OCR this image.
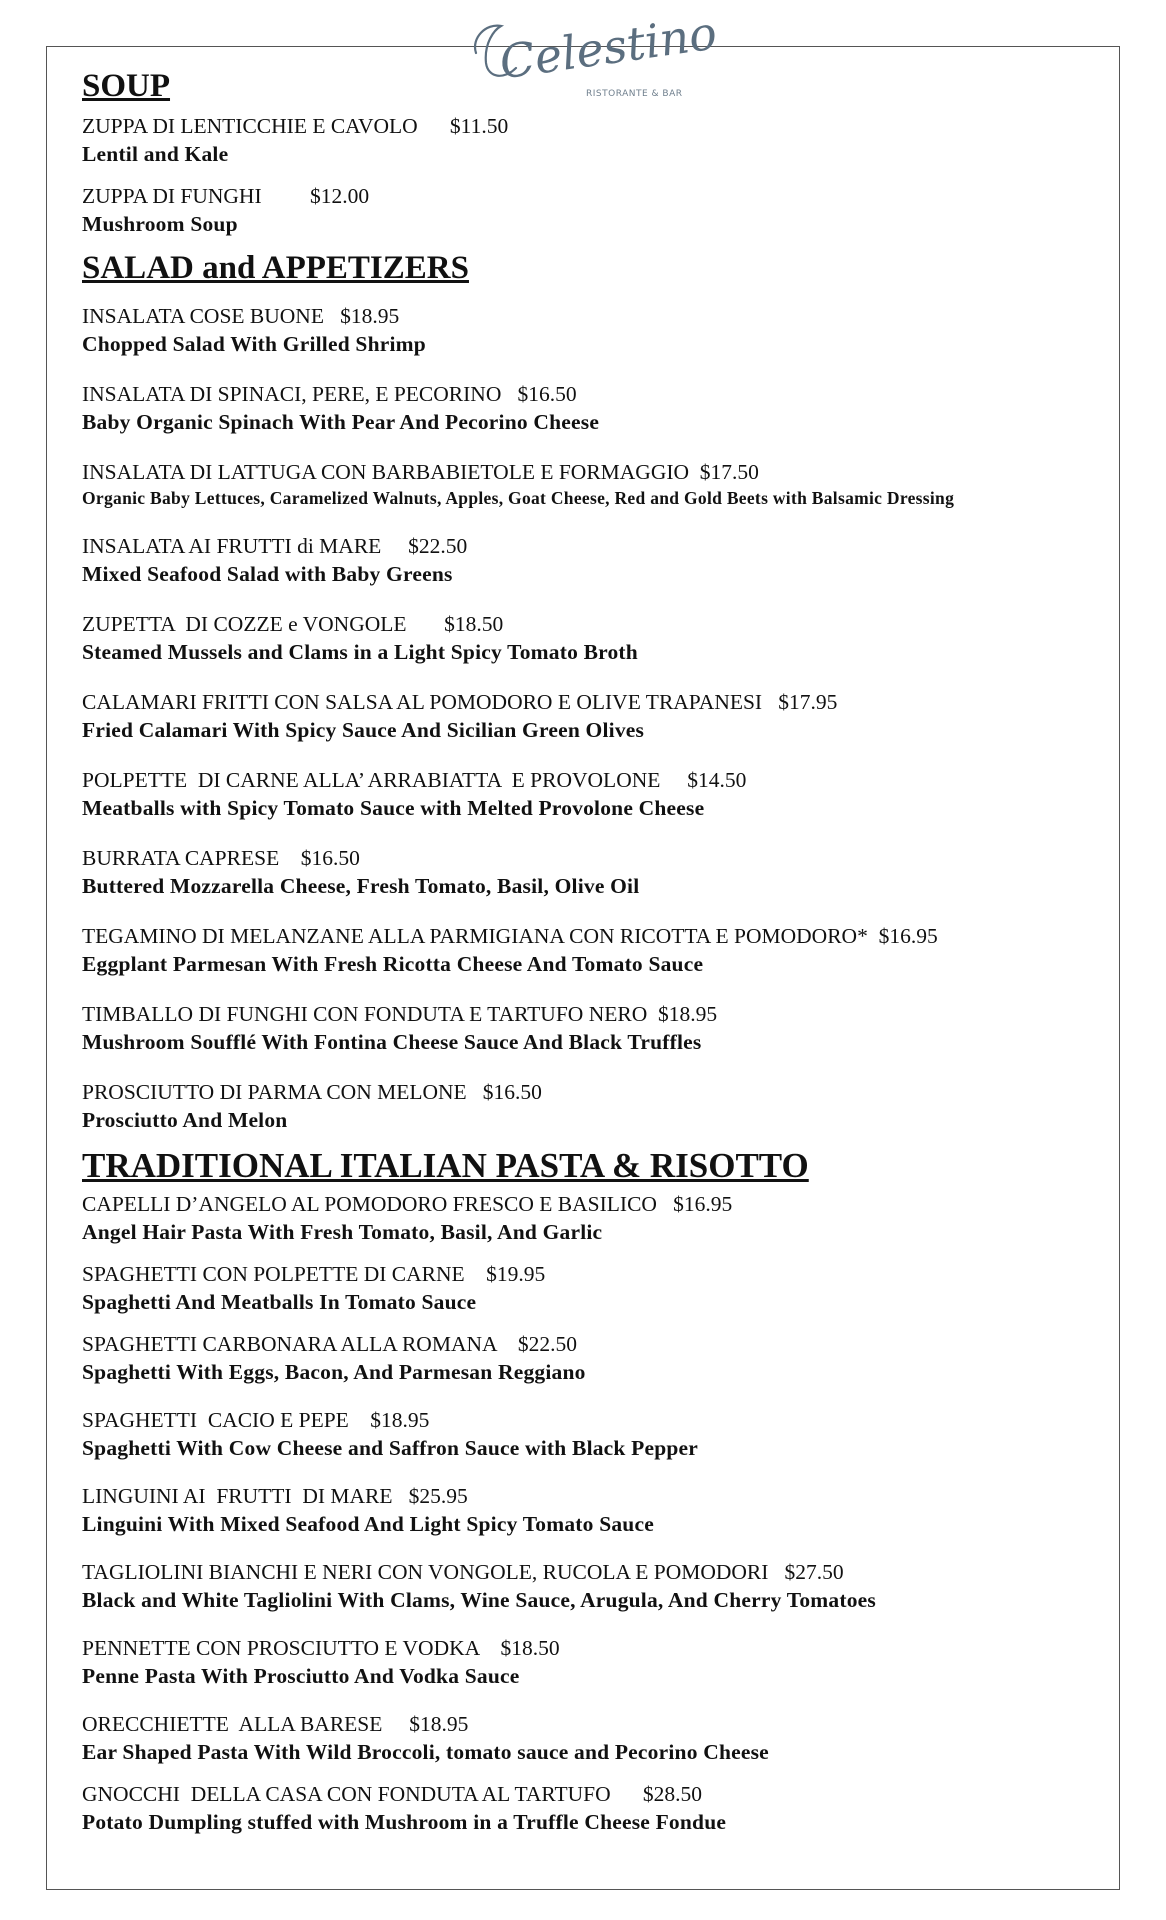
Celestino
RISTORANTE & BAR
SOUP
ZUPPA DI LENTICCHIE E CAVOLO      $11.50
Lentil and Kale
ZUPPA DI FUNGHI         $12.00
Mushroom Soup
SALAD and APPETIZERS
INSALATA COSE BUONE   $18.95
Chopped Salad With Grilled Shrimp
INSALATA DI SPINACI, PERE, E PECORINO   $16.50
Baby Organic Spinach With Pear And Pecorino Cheese
INSALATA DI LATTUGA CON BARBABIETOLE E FORMAGGIO  $17.50
Organic Baby Lettuces, Caramelized Walnuts, Apples, Goat Cheese, Red and Gold Beets with Balsamic Dressing
INSALATA AI FRUTTI di MARE     $22.50
Mixed Seafood Salad with Baby Greens
ZUPETTA  DI COZZE e VONGOLE       $18.50
Steamed Mussels and Clams in a Light Spicy Tomato Broth
CALAMARI FRITTI CON SALSA AL POMODORO E OLIVE TRAPANESI   $17.95
Fried Calamari With Spicy Sauce And Sicilian Green Olives
POLPETTE  DI CARNE ALLA’ ARRABIATTA  E PROVOLONE     $14.50
Meatballs with Spicy Tomato Sauce with Melted Provolone Cheese
BURRATA CAPRESE    $16.50
Buttered Mozzarella Cheese, Fresh Tomato, Basil, Olive Oil
TEGAMINO DI MELANZANE ALLA PARMIGIANA CON RICOTTA E POMODORO*  $16.95
Eggplant Parmesan With Fresh Ricotta Cheese And Tomato Sauce
TIMBALLO DI FUNGHI CON FONDUTA E TARTUFO NERO  $18.95
Mushroom Soufflé With Fontina Cheese Sauce And Black Truffles
PROSCIUTTO DI PARMA CON MELONE   $16.50
Prosciutto And Melon
TRADITIONAL ITALIAN PASTA & RISOTTO
CAPELLI D’ANGELO AL POMODORO FRESCO E BASILICO   $16.95
Angel Hair Pasta With Fresh Tomato, Basil, And Garlic
SPAGHETTI CON POLPETTE DI CARNE    $19.95
Spaghetti And Meatballs In Tomato Sauce
SPAGHETTI CARBONARA ALLA ROMANA    $22.50
Spaghetti With Eggs, Bacon, And Parmesan Reggiano
SPAGHETTI  CACIO E PEPE    $18.95
Spaghetti With Cow Cheese and Saffron Sauce with Black Pepper
LINGUINI AI  FRUTTI  DI MARE   $25.95
Linguini With Mixed Seafood And Light Spicy Tomato Sauce
TAGLIOLINI BIANCHI E NERI CON VONGOLE, RUCOLA E POMODORI   $27.50
Black and White Tagliolini With Clams, Wine Sauce, Arugula, And Cherry Tomatoes
PENNETTE CON PROSCIUTTO E VODKA    $18.50
Penne Pasta With Prosciutto And Vodka Sauce
ORECCHIETTE  ALLA BARESE     $18.95
Ear Shaped Pasta With Wild Broccoli, tomato sauce and Pecorino Cheese
GNOCCHI  DELLA CASA CON FONDUTA AL TARTUFO      $28.50
Potato Dumpling stuffed with Mushroom in a Truffle Cheese Fondue
